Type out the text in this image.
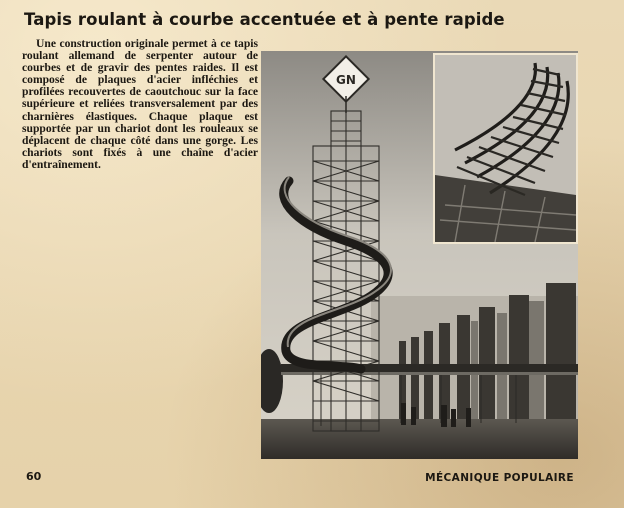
Tapis roulant à courbe accentuée et à pente rapide
Une construction originale permet à ce tapis roulant allemand de serpenter autour de courbes et de gravir des pentes raides. Il est composé de plaques d'acier infléchies et profilées recouvertes de caoutchouc sur la face supérieure et reliées transversalement par des charnières élastiques. Chaque plaque est supportée par un chariot dont les rouleaux se déplacent de chaque côté dans une gorge. Les chariots sont fixés à une chaîne d'acier d'entraînement.
GN
60	MÉCANIQUE POPULAIRE
